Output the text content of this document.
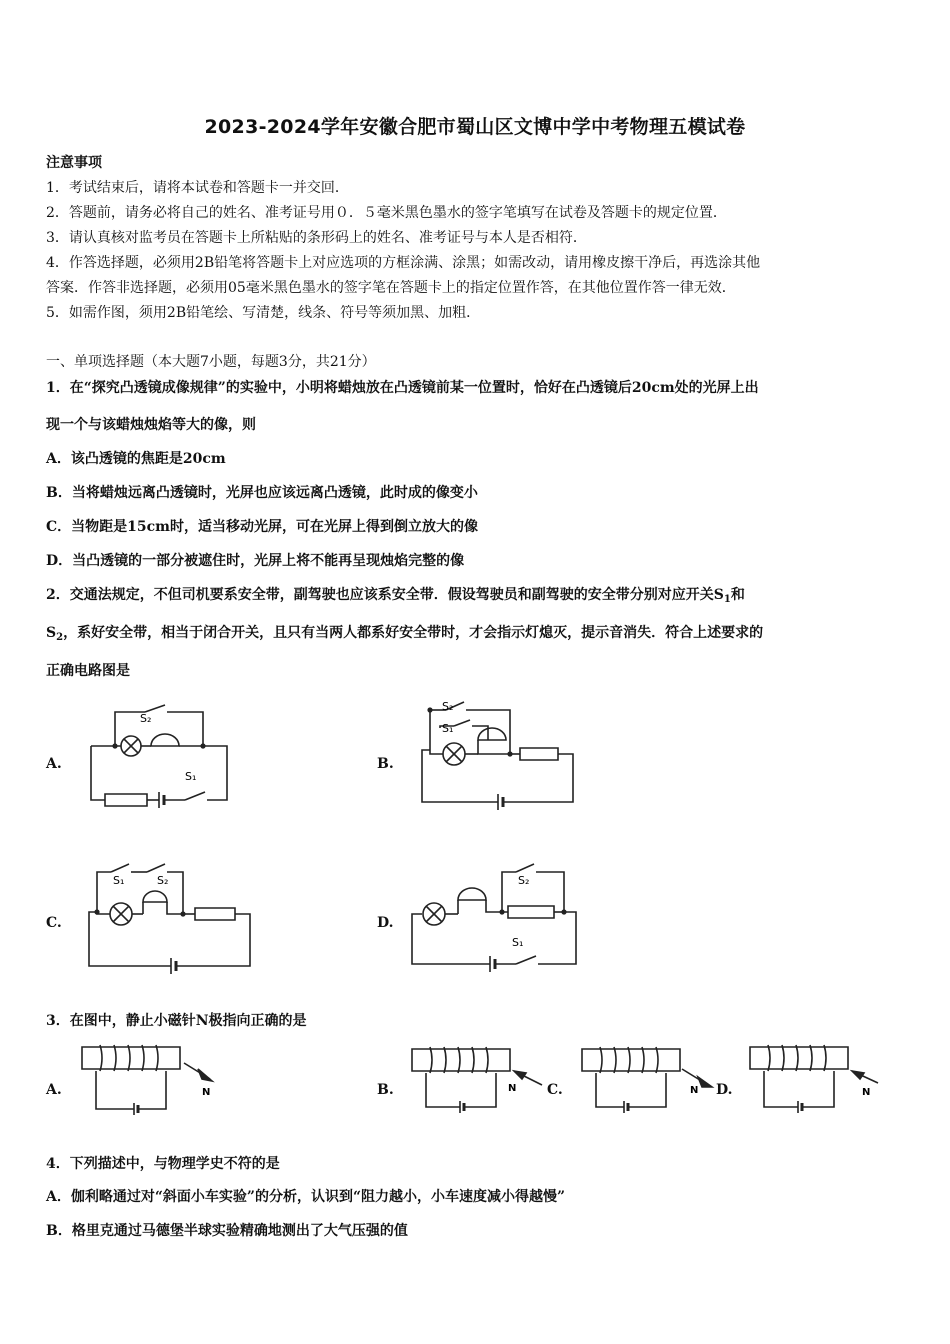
2023-2024学年安徽合肥市蜀山区文博中学中考物理五模试卷
注意事项
1．考试结束后，请将本试卷和答题卡一并交回．
2．答题前，请务必将自己的姓名、准考证号用０．５毫米黑色墨水的签字笔填写在试卷及答题卡的规定位置．
3．请认真核对监考员在答题卡上所粘贴的条形码上的姓名、准考证号与本人是否相符．
4．作答选择题，必须用2B铅笔将答题卡上对应选项的方框涂满、涂黑；如需改动，请用橡皮擦干净后，再选涂其他
答案．作答非选择题，必须用05毫米黑色墨水的签字笔在答题卡上的指定位置作答，在其他位置作答一律无效．
5．如需作图，须用2B铅笔绘、写清楚，线条、符号等须加黑、加粗．
一、单项选择题（本大题7小题，每题3分，共21分）
1．在“探究凸透镜成像规律”的实验中，小明将蜡烛放在凸透镜前某一位置时，恰好在凸透镜后20cm处的光屏上出
现一个与该蜡烛烛焰等大的像，则
A．该凸透镜的焦距是20cm
B．当将蜡烛远离凸透镜时，光屏也应该远离凸透镜，此时成的像变小
C．当物距是15cm时，适当移动光屏，可在光屏上得到倒立放大的像
D．当凸透镜的一部分被遮住时，光屏上将不能再呈现烛焰完整的像
2．交通法规定，不但司机要系安全带，副驾驶也应该系安全带．假设驾驶员和副驾驶的安全带分别对应开关$S_1$和
$S_2$，系好安全带，相当于闭合开关，且只有当两人都系好安全带时，才会指示灯熄灭，提示音消失．符合上述要求的
正确电路图是
A.	B.
C.	D.
S₂
S₁
S₂
S₁
S₁	S₂	S₂
S₁
3．在图中，静止小磁针N极指向正确的是
A.	B.	C.	D.
N	N	N	N
4．下列描述中，与物理学史不符的是
A．伽利略通过对“斜面小车实验”的分析，认识到“阻力越小，小车速度减小得越慢”
B．格里克通过马德堡半球实验精确地测出了大气压强的值
